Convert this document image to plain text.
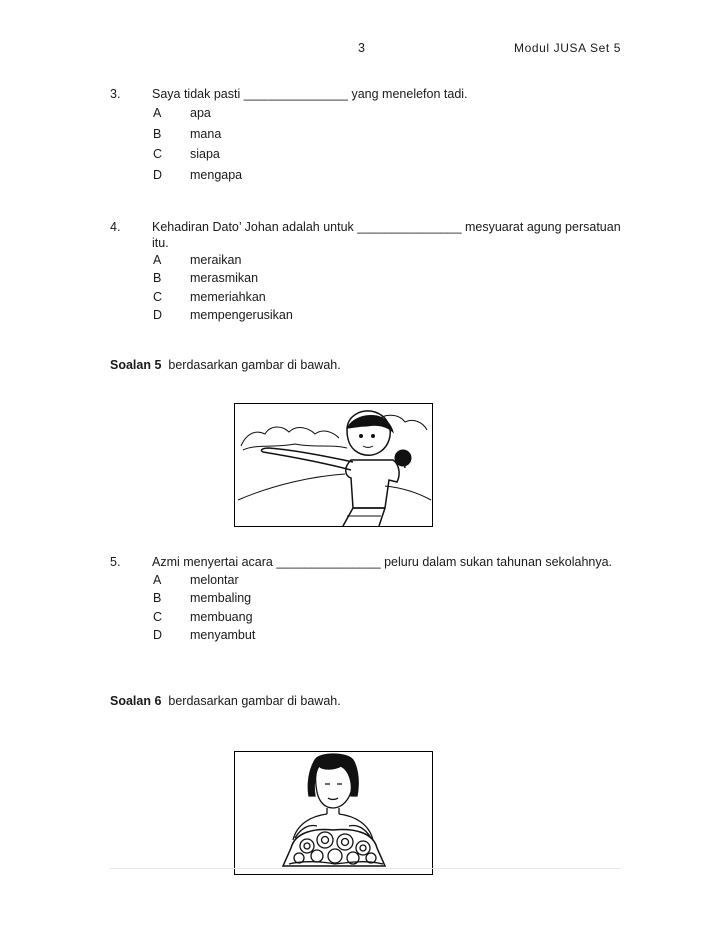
3	Modul JUSA Set 5
3.	Saya tidak pasti _______________ yang menelefon tadi.
A apa
B mana
C siapa
D mengapa
4.	Kehadiran Dato’ Johan adalah untuk _______________ mesyuarat agung persatuan
itu.
A meraikan
B merasmikan
C memeriahkan
D mempengerusikan
Soalan 5 berdasarkan gambar di bawah.
5.	Azmi menyertai acara _______________ peluru dalam sukan tahunan sekolahnya.
A melontar
B membaling
C membuang
D menyambut
Soalan 6 berdasarkan gambar di bawah.
